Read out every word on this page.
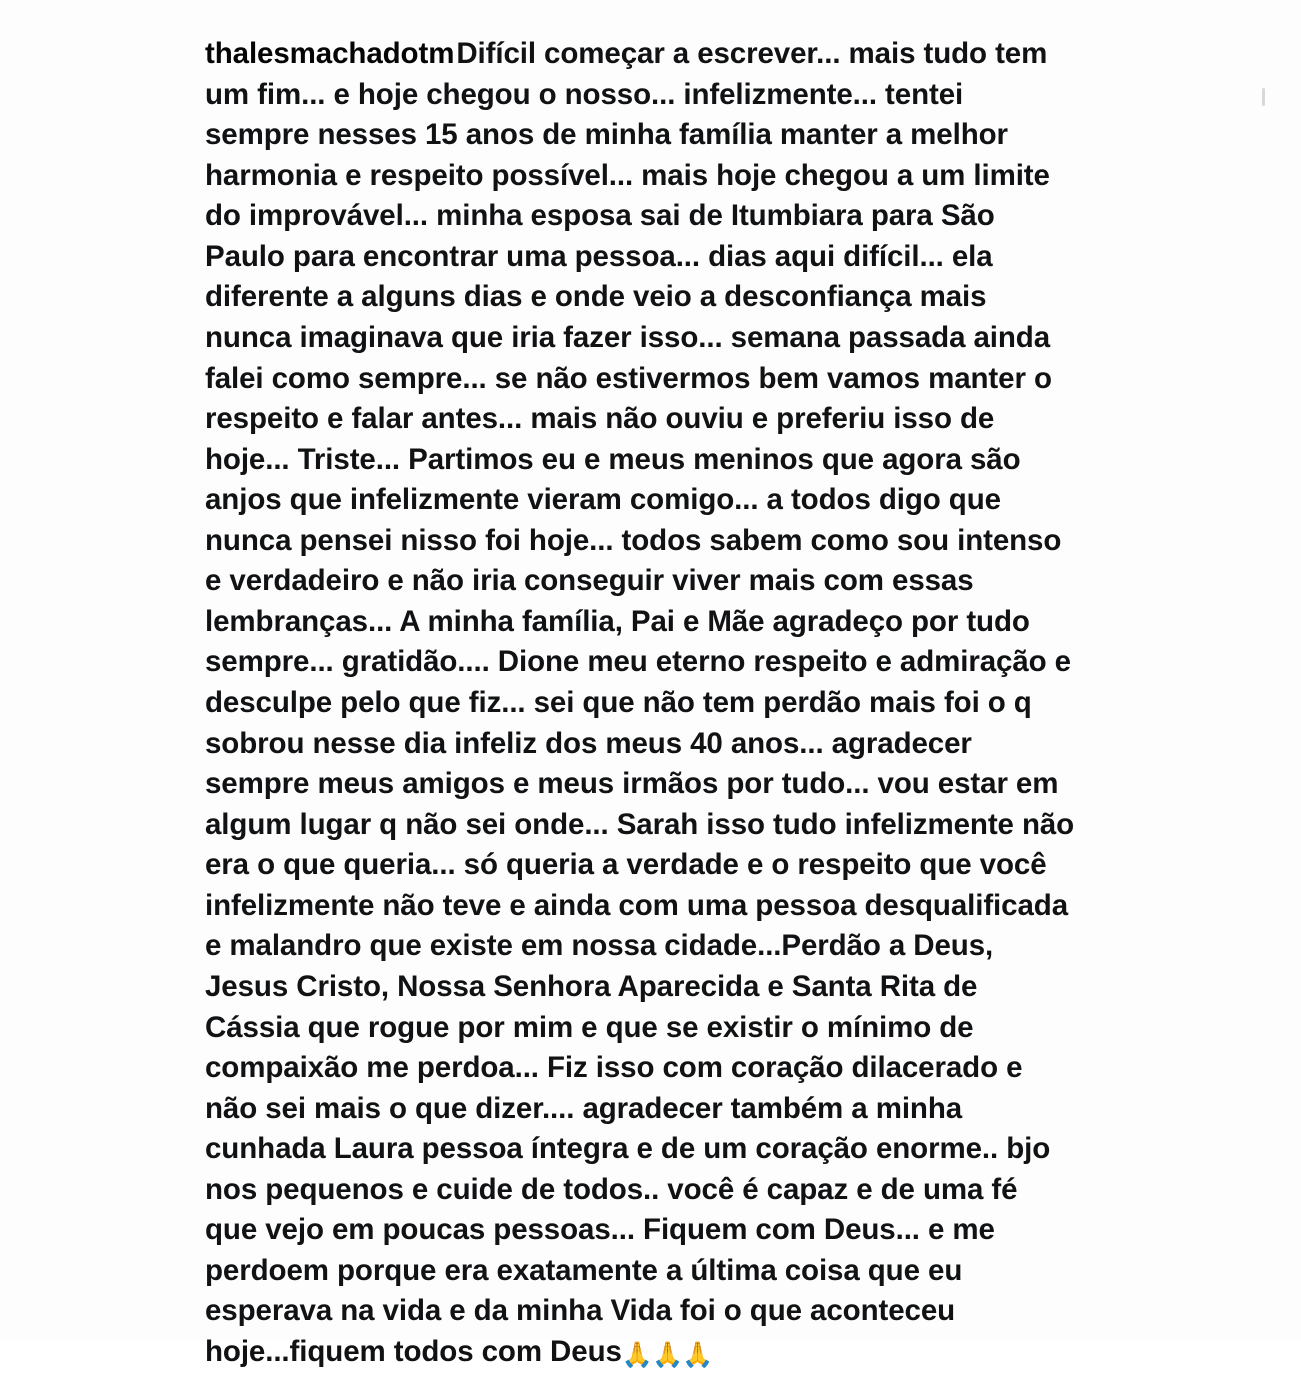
thalesmachadotmDifícil começar a escrever... mais tudo tem um fim... e hoje chegou o nosso... infelizmente... tentei sempre nesses 15 anos de minha família manter a melhor harmonia e respeito possível... mais hoje chegou a um limite do improvável... minha esposa sai de Itumbiara para São Paulo para encontrar uma pessoa... dias aqui difícil... ela diferente a alguns dias e onde veio a desconfiança mais nunca imaginava que iria fazer isso... semana passada ainda falei como sempre... se não estivermos bem vamos manter o respeito e falar antes... mais não ouviu e preferiu isso de hoje... Triste... Partimos eu e meus meninos que agora são anjos que infelizmente vieram comigo... a todos digo que nunca pensei nisso foi hoje... todos sabem como sou intenso e verdadeiro e não iria conseguir viver mais com essas lembranças... A minha família, Pai e Mãe agradeço por tudo sempre... gratidão.... Dione meu eterno respeito e admiração e desculpe pelo que fiz... sei que não tem perdão mais foi o q sobrou nesse dia infeliz dos meus 40 anos... agradecer sempre meus amigos e meus irmãos por tudo... vou estar em algum lugar q não sei onde... Sarah isso tudo infelizmente não era o que queria... só queria a verdade e o respeito que você infelizmente não teve e ainda com uma pessoa desqualificada e malandro que existe em nossa cidade...Perdão a Deus, Jesus Cristo, Nossa Senhora Aparecida e Santa Rita de Cássia que rogue por mim e que se existir o mínimo de compaixão me perdoa... Fiz isso com coração dilacerado e não sei mais o que dizer.... agradecer também a minha cunhada Laura pessoa íntegra e de um coração enorme.. bjo nos pequenos e cuide de todos.. você é capaz e de uma fé que vejo em poucas pessoas... Fiquem com Deus... e me perdoem porque era exatamente a última coisa que eu esperava na vida e da minha Vida foi o que aconteceu hoje...fiquem todos com Deus🙏🙏🙏
